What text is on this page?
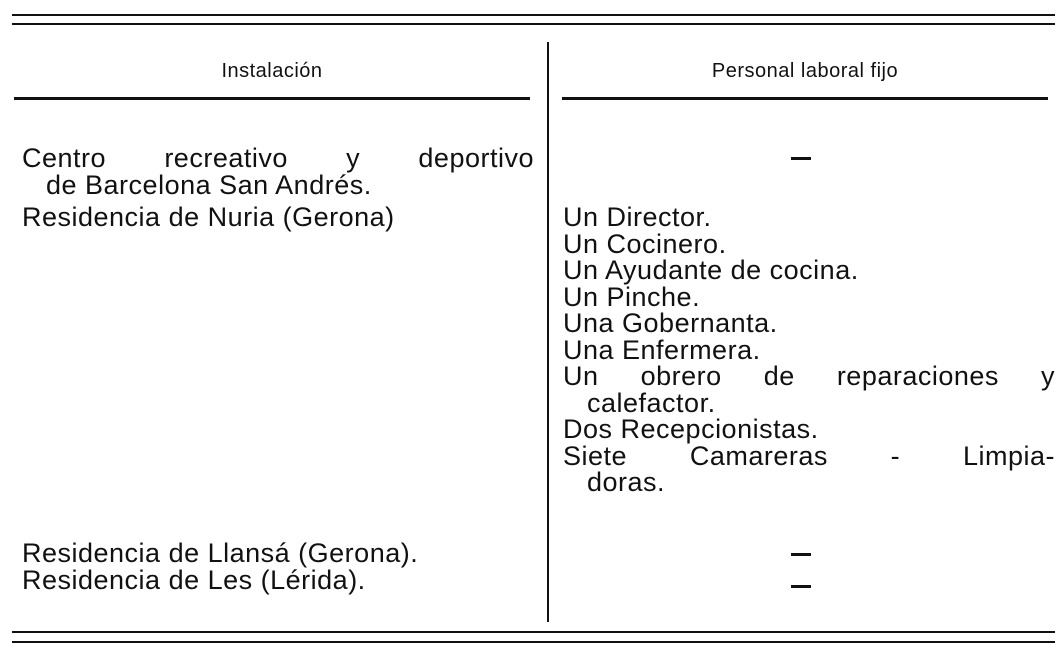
Instalación	Personal laboral fijo
Centro recreativo y deportivo
de Barcelona San Andrés.
Residencia de Nuria (Gerona)	Un Director.
Un Cocinero.
Un Ayudante de cocina.
Un Pinche.
Una Gobernanta.
Una Enfermera.
Un obrero de reparaciones y
calefactor.
Dos Recepcionistas.
Siete Camareras - Limpia-
doras.
Residencia de Llansá (Gerona).
Residencia de Les (Lérida).
